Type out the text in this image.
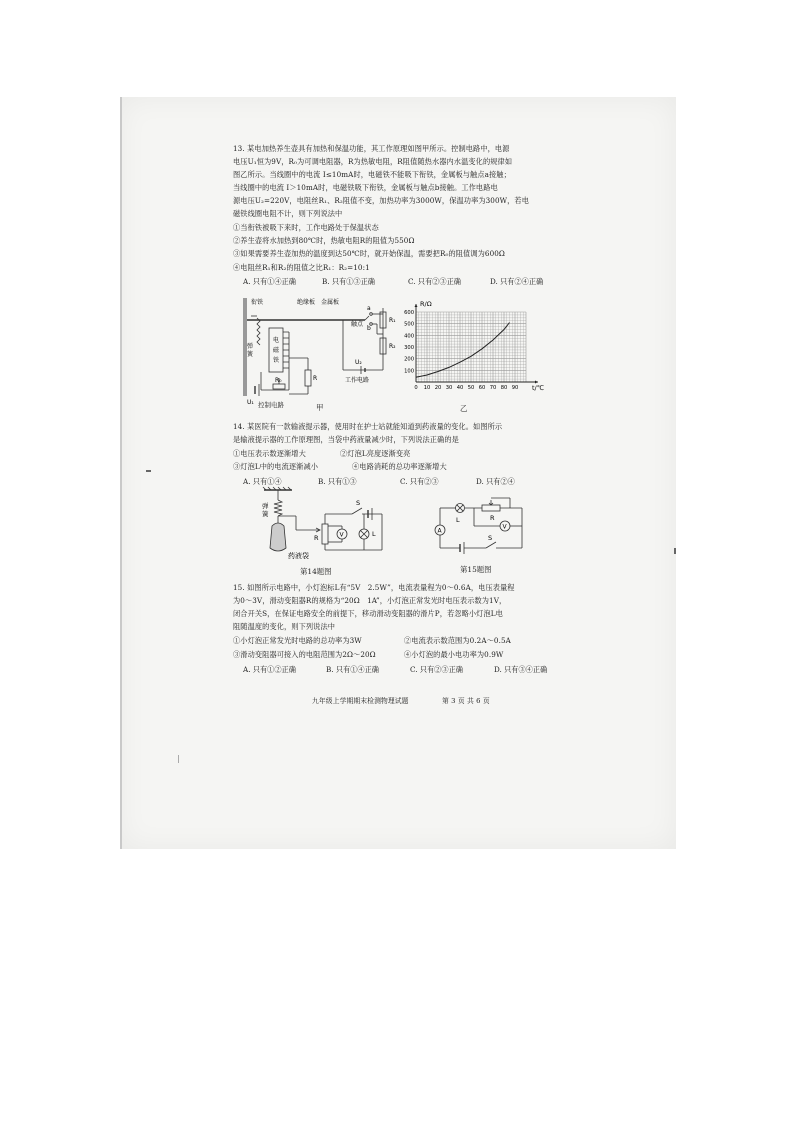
13. 某电加热养生壶具有加热和保温功能，其工作原理如图甲所示。控制电路中，电源
电压U₁恒为9V，R₀为可调电阻器，R为热敏电阻，R阻值随热水器内水温变化的规律如
图乙所示。当线圈中的电流 I≤10mA时，电磁铁不能吸下衔铁，金属板与触点a接触；
当线圈中的电流 I＞10mA时，电磁铁吸下衔铁，金属板与触点b接触。工作电路电
源电压U₂=220V，电阻丝R₁、R₂阻值不变，加热功率为3000W，保温功率为300W，若电
磁铁线圈电阻不计，则下列说法中
①当衔铁被吸下来时，工作电路处于保温状态
②养生壶将水加热到80℃时，热敏电阻R的阻值为550Ω
③如果需要养生壶加热的温度到达50℃时，就开始保温，需要把R₀的阻值调为600Ω
④电阻丝R₁和R₂的阻值之比R₁：R₂=10:1
A. 只有①④正确	B. 只有①③正确	C. 只有②③正确	D. 只有②④正确
衔铁	绝缘板 金属板
a
b
触点
R₁
R₂
弹
簧
电
磁
铁
U₁
R₀	R
U₂
工作电路
控制电路	甲
0 10 20 30 40 50 60 70 80 90
100
200
300
400
500
600
R/Ω
t/℃
乙
14. 某医院有一款输液提示器，使用时在护士站就能知道到药液量的变化。如图所示
是输液提示器的工作原理图，当袋中药液量减少时，下列说法正确的是
①电压表示数逐渐增大	②灯泡L亮度逐渐变亮
③灯泡L中的电流逐渐减小	④电路消耗的总功率逐渐增大
A. 只有①④	B. 只有①③	C. 只有②③	D. 只有②④
弹
簧
药液袋
S
R	V	L
第14题图
L	R
A
V
S
第15题图
15. 如图所示电路中，小灯泡标L有“5V　2.5W”，电流表量程为0～0.6A，电压表量程
为0～3V，滑动变阻器R的规格为“20Ω　1A”，小灯泡正常发光时电压表示数为1V，
闭合开关S，在保证电路安全的前提下，移动滑动变阻器的滑片P，若忽略小灯泡L电
阻随温度的变化，则下列说法中
①小灯泡正常发光时电路的总功率为3W	②电流表示数范围为0.2A～0.5A
③滑动变阻器可接入的电阻范围为2Ω～20Ω	④小灯泡的最小电功率为0.9W
A. 只有①②正确	B. 只有①④正确	C. 只有②③正确	D. 只有③④正确
九年级上学期期末检测物理试题	第 3 页 共 6 页
